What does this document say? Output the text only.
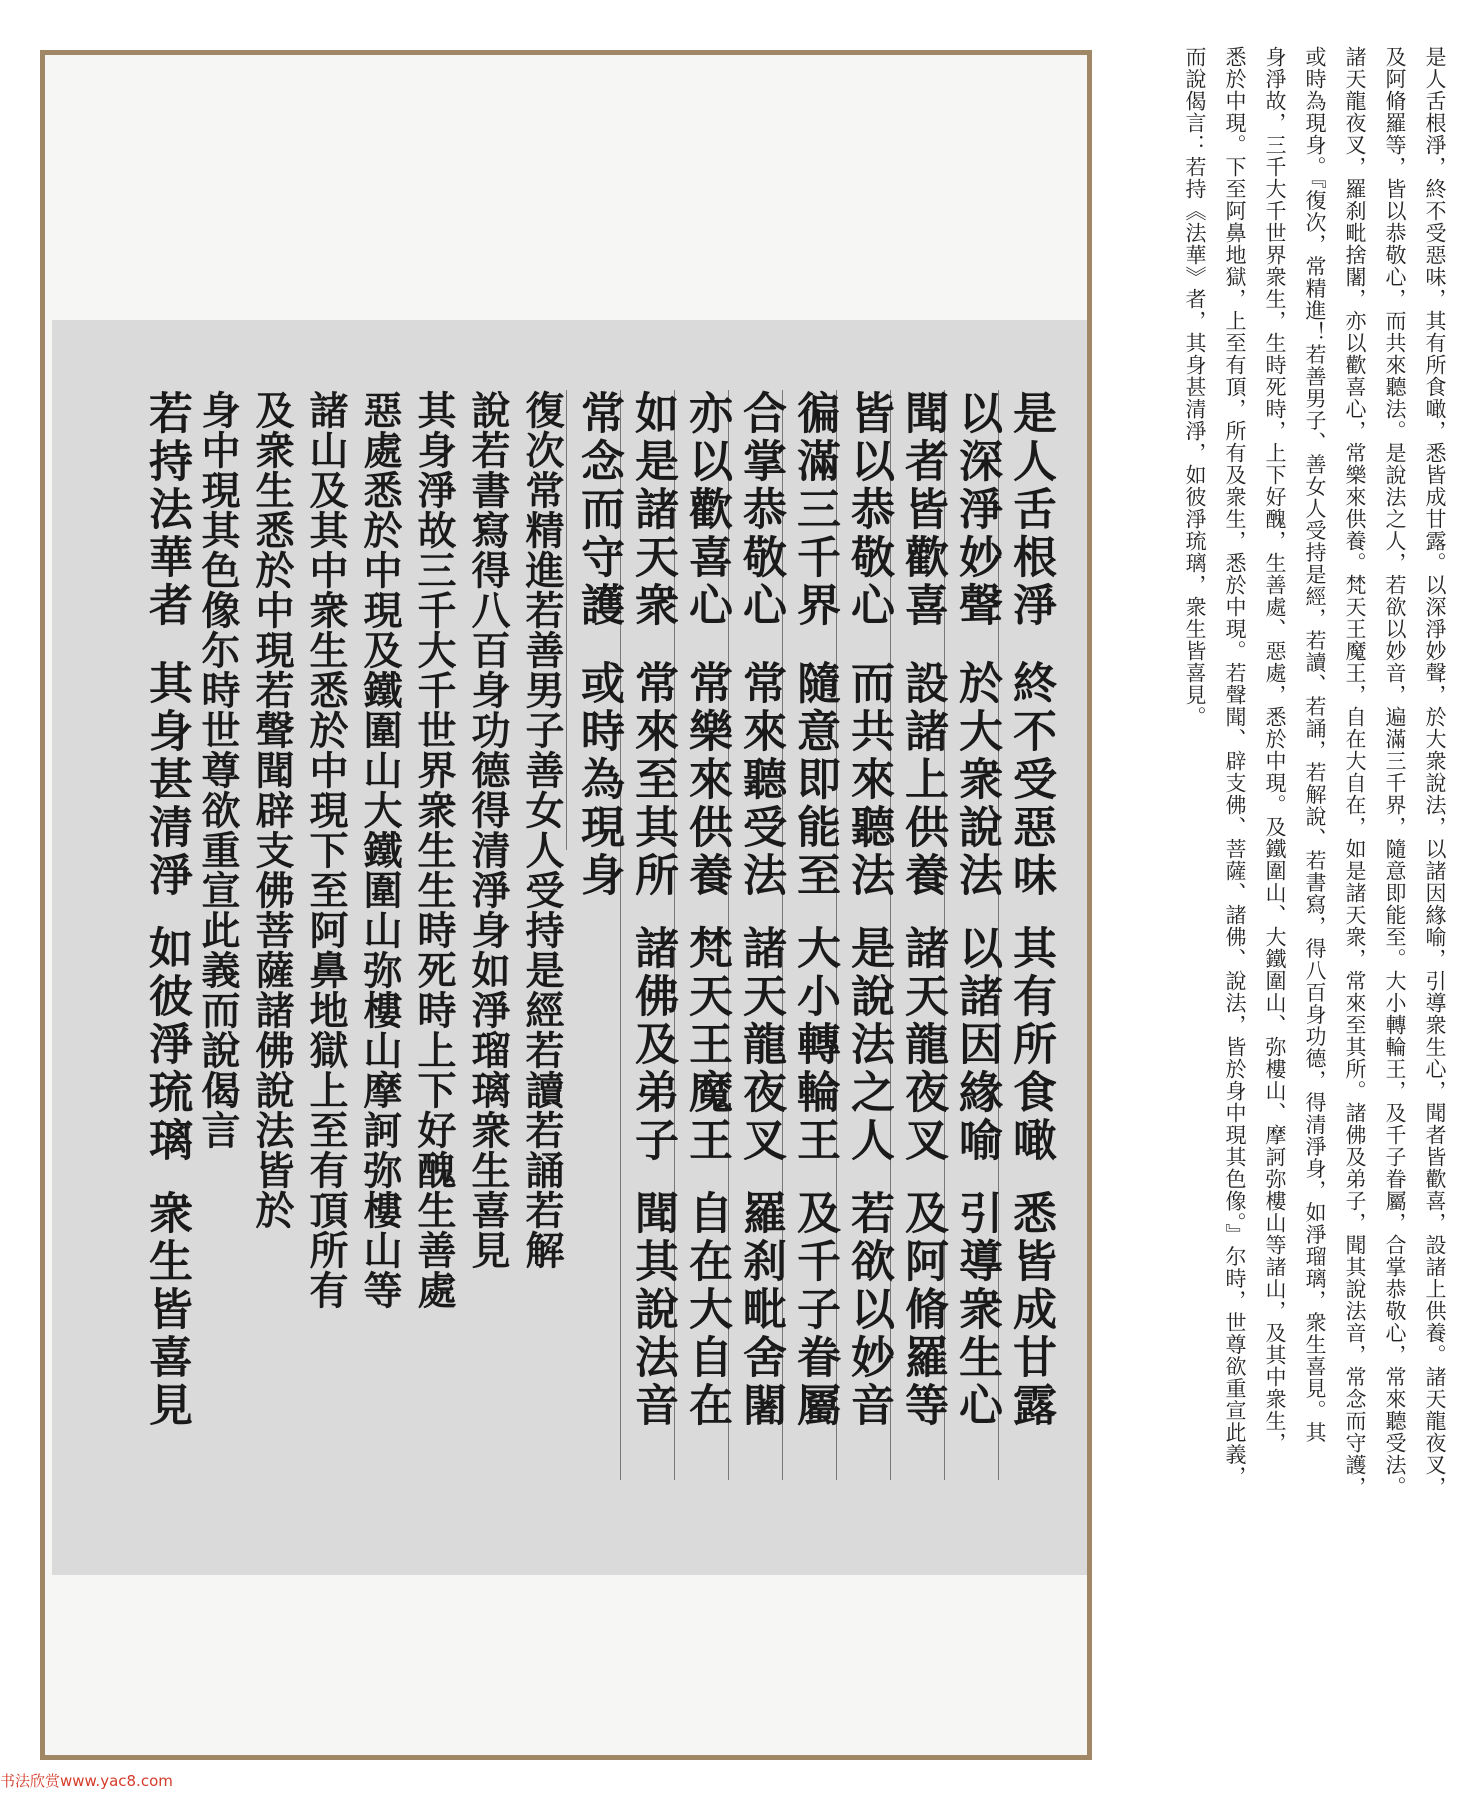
是人舌根淨
終不受惡味
其有所食噉
悉皆成甘露
以深淨妙聲
於大衆說法
以諸因緣喻
引導衆生心
聞者皆歡喜
設諸上供養
諸天龍夜叉
及阿脩羅等
皆以恭敬心
而共來聽法
是說法之人
若欲以妙音
徧滿三千界
隨意即能至
大小轉輪王
及千子眷屬
合掌恭敬心
常來聽受法
諸天龍夜叉
羅刹毗舍闍
亦以歡喜心
常樂來供養
梵天王魔王
自在大自在
如是諸天衆
常來至其所
諸佛及弟子
聞其說法音
常念而守護
或時為現身
復次常精進若善男子善女人受持是經若讀若誦若解
說若書寫得八百身功德得清淨身如淨瑠璃衆生喜見
其身淨故三千大千世界衆生生時死時上下好醜生善處
惡處悉於中現及鐵圍山大鐵圍山弥樓山摩訶弥樓山等
諸山及其中衆生悉於中現下至阿鼻地獄上至有頂所有
及衆生悉於中現若聲聞辟支佛菩薩諸佛說法皆於
身中現其色像尓時世尊欲重宣此義而說偈言
若持法華者
其身甚清淨
如彼淨琉璃
衆生皆喜見	是人舌根淨，終不受惡味，其有所食噉，悉皆成甘露。以深淨妙聲，於大衆說法，以諸因緣喻，引導衆生心，聞者皆歡喜，設諸上供養。諸天龍夜叉，
及阿脩羅等，皆以恭敬心，而共來聽法。是說法之人，若欲以妙音，遍滿三千界，隨意即能至。大小轉輪王，及千子眷屬，合掌恭敬心，常來聽受法。
諸天龍夜叉，羅刹毗捨闍，亦以歡喜心，常樂來供養。梵天王魔王，自在大自在，如是諸天衆，常來至其所。諸佛及弟子，聞其說法音，常念而守護，
或時為現身。『復次，常精進！若善男子、善女人受持是經，若讀、若誦，若解說、若書寫，得八百身功德，得清淨身，如淨瑠璃，衆生喜見。其
身淨故，三千大千世界衆生，生時死時，上下好醜，生善處、惡處，悉於中現。及鐵圍山、大鐵圍山、弥樓山、摩訶弥樓山等諸山，及其中衆生，
悉於中現。下至阿鼻地獄，上至有頂，所有及衆生，悉於中現。若聲聞、辟支佛、菩薩、諸佛、說法，皆於身中現其色像。』尔時，世尊欲重宣此義，
而說偈言：若持《法華》者，其身甚清淨，如彼淨琉璃，衆生皆喜見。
书法欣赏www.yac8.com
